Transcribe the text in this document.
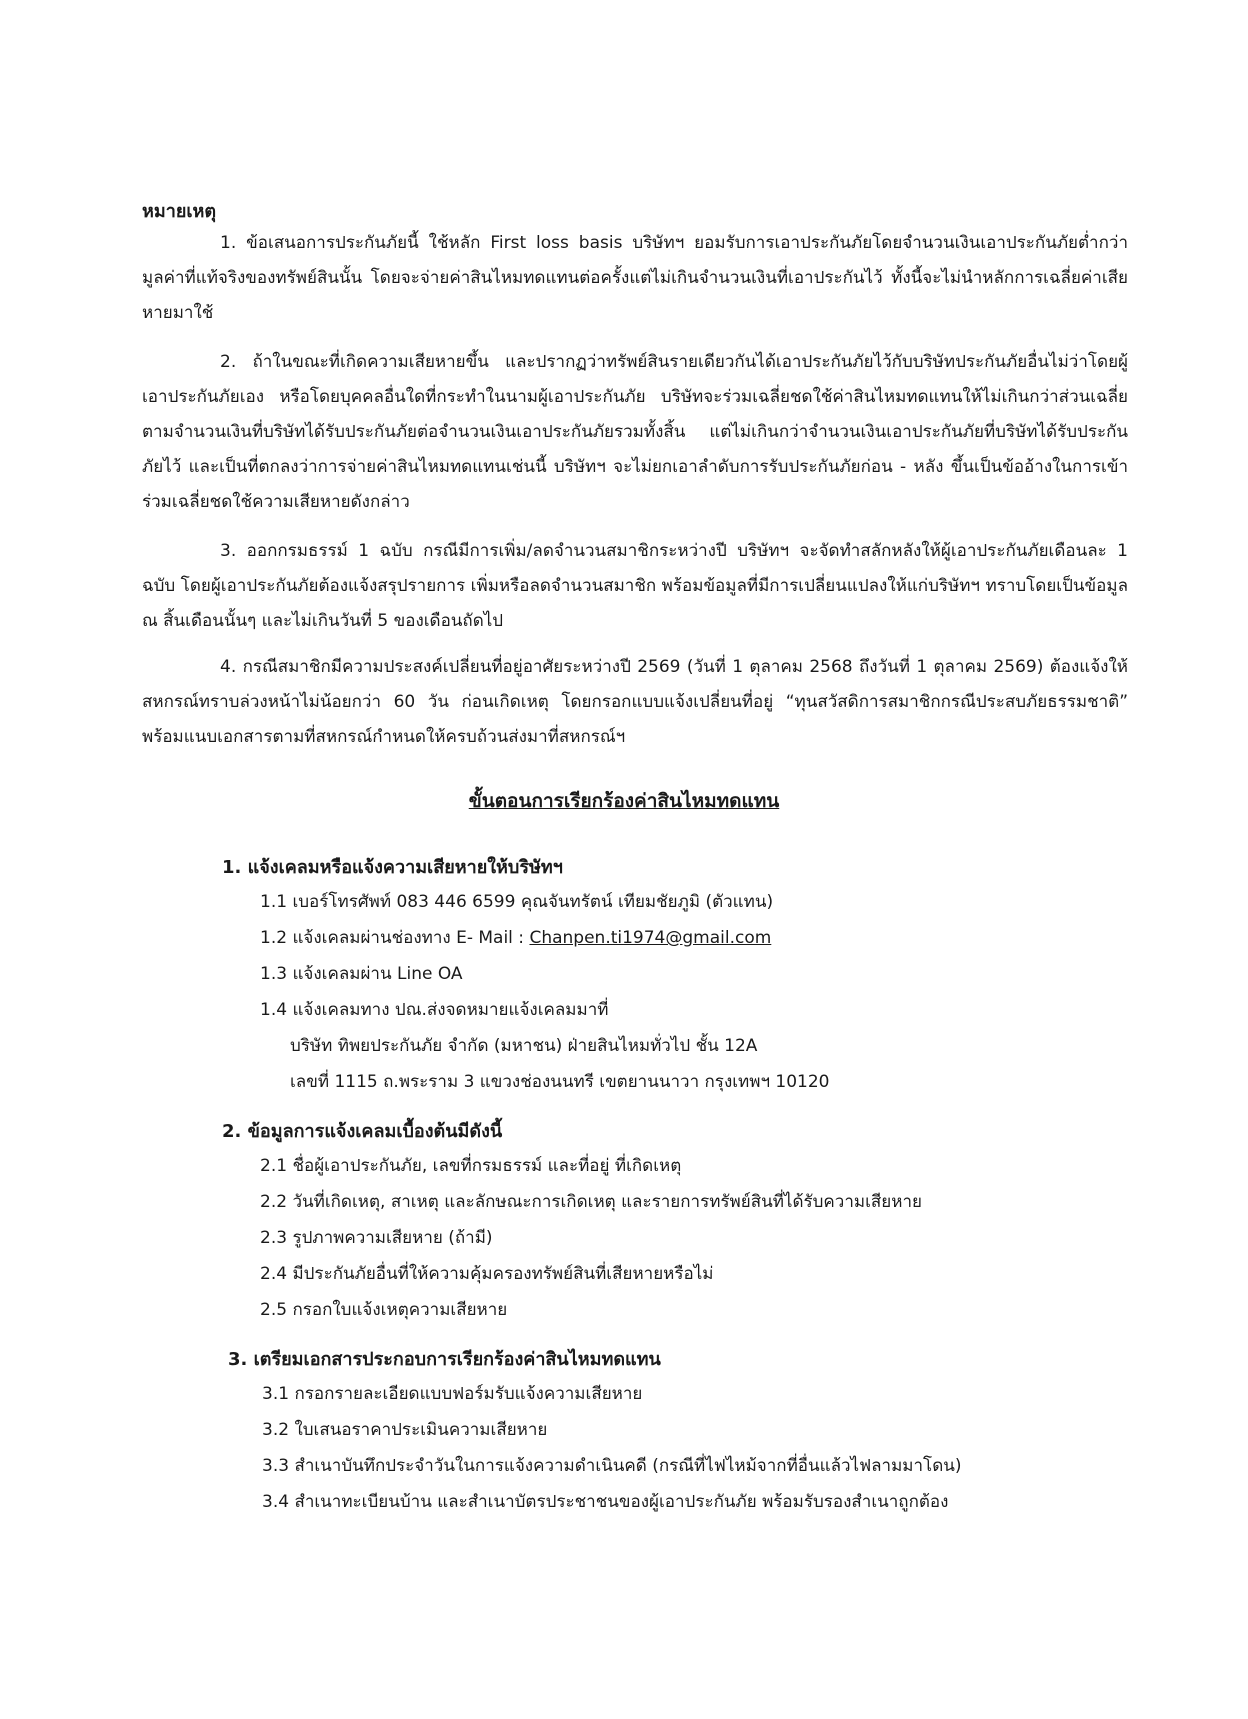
หมายเหตุ

1. ข้อเสนอการประกันภัยนี้ ใช้หลัก First loss basis บริษัทฯ ยอมรับการเอาประกันภัยโดยจำนวนเงินเอาประกันภัยต่ำกว่ามูลค่าที่แท้จริงของทรัพย์สินนั้น โดยจะจ่ายค่าสินไหมทดแทนต่อครั้งแต่ไม่เกินจำนวนเงินที่เอาประกันไว้ ทั้งนี้จะไม่นำหลักการเฉลี่ยค่าเสียหายมาใช้

2. ถ้าในขณะที่เกิดความเสียหายขึ้น และปรากฏว่าทรัพย์สินรายเดียวกันได้เอาประกันภัยไว้กับบริษัทประกันภัยอื่นไม่ว่าโดยผู้เอาประกันภัยเอง หรือโดยบุคคลอื่นใดที่กระทำในนามผู้เอาประกันภัย บริษัทจะร่วมเฉลี่ยชดใช้ค่าสินไหมทดแทนให้ไม่เกินกว่าส่วนเฉลี่ยตามจำนวนเงินที่บริษัทได้รับประกันภัยต่อจำนวนเงินเอาประกันภัยรวมทั้งสิ้น แต่ไม่เกินกว่าจำนวนเงินเอาประกันภัยที่บริษัทได้รับประกันภัยไว้ และเป็นที่ตกลงว่าการจ่ายค่าสินไหมทดแทนเช่นนี้ บริษัทฯ จะไม่ยกเอาลำดับการรับประกันภัยก่อน - หลัง ขึ้นเป็นข้ออ้างในการเข้าร่วมเฉลี่ยชดใช้ความเสียหายดังกล่าว

3. ออกกรมธรรม์ 1 ฉบับ กรณีมีการเพิ่ม/ลดจำนวนสมาชิกระหว่างปี บริษัทฯ จะจัดทำสลักหลังให้ผู้เอาประกันภัยเดือนละ 1 ฉบับ โดยผู้เอาประกันภัยต้องแจ้งสรุปรายการ เพิ่มหรือลดจำนวนสมาชิก พร้อมข้อมูลที่มีการเปลี่ยนแปลงให้แก่บริษัทฯ ทราบโดยเป็นข้อมูล ณ สิ้นเดือนนั้นๆ และไม่เกินวันที่ 5 ของเดือนถัดไป

4. กรณีสมาชิกมีความประสงค์เปลี่ยนที่อยู่อาศัยระหว่างปี 2569 (วันที่ 1 ตุลาคม 2568 ถึงวันที่ 1 ตุลาคม 2569) ต้องแจ้งให้สหกรณ์ทราบล่วงหน้าไม่น้อยกว่า 60 วัน ก่อนเกิดเหตุ โดยกรอกแบบแจ้งเปลี่ยนที่อยู่ “ทุนสวัสดิการสมาชิกกรณีประสบภัยธรรมชาติ” พร้อมแนบเอกสารตามที่สหกรณ์กำหนดให้ครบถ้วนส่งมาที่สหกรณ์ฯ

ขั้นตอนการเรียกร้องค่าสินไหมทดแทน
1. แจ้งเคลมหรือแจ้งความเสียหายให้บริษัทฯ
1.1 เบอร์โทรศัพท์ 083 446 6599 คุณจันทรัตน์ เทียมชัยภูมิ (ตัวแทน)
1.2 แจ้งเคลมผ่านช่องทาง E- Mail : Chanpen.ti1974@gmail.com
1.3 แจ้งเคลมผ่าน Line OA
1.4 แจ้งเคลมทาง ปณ.ส่งจดหมายแจ้งเคลมมาที่
บริษัท ทิพยประกันภัย จำกัด (มหาชน) ฝ่ายสินไหมทั่วไป ชั้น 12A
เลขที่ 1115 ถ.พระราม 3 แขวงช่องนนทรี เขตยานนาวา กรุงเทพฯ 10120
2. ข้อมูลการแจ้งเคลมเบื้องต้นมีดังนี้
2.1 ชื่อผู้เอาประกันภัย, เลขที่กรมธรรม์ และที่อยู่ ที่เกิดเหตุ
2.2 วันที่เกิดเหตุ, สาเหตุ และลักษณะการเกิดเหตุ และรายการทรัพย์สินที่ได้รับความเสียหาย
2.3 รูปภาพความเสียหาย (ถ้ามี)
2.4 มีประกันภัยอื่นที่ให้ความคุ้มครองทรัพย์สินที่เสียหายหรือไม่
2.5 กรอกใบแจ้งเหตุความเสียหาย
3. เตรียมเอกสารประกอบการเรียกร้องค่าสินไหมทดแทน
3.1 กรอกรายละเอียดแบบฟอร์มรับแจ้งความเสียหาย
3.2 ใบเสนอราคาประเมินความเสียหาย
3.3 สำเนาบันทึกประจำวันในการแจ้งความดำเนินคดี (กรณีที่ไฟไหม้จากที่อื่นแล้วไฟลามมาโดน)
3.4 สำเนาทะเบียนบ้าน และสำเนาบัตรประชาชนของผู้เอาประกันภัย พร้อมรับรองสำเนาถูกต้อง
